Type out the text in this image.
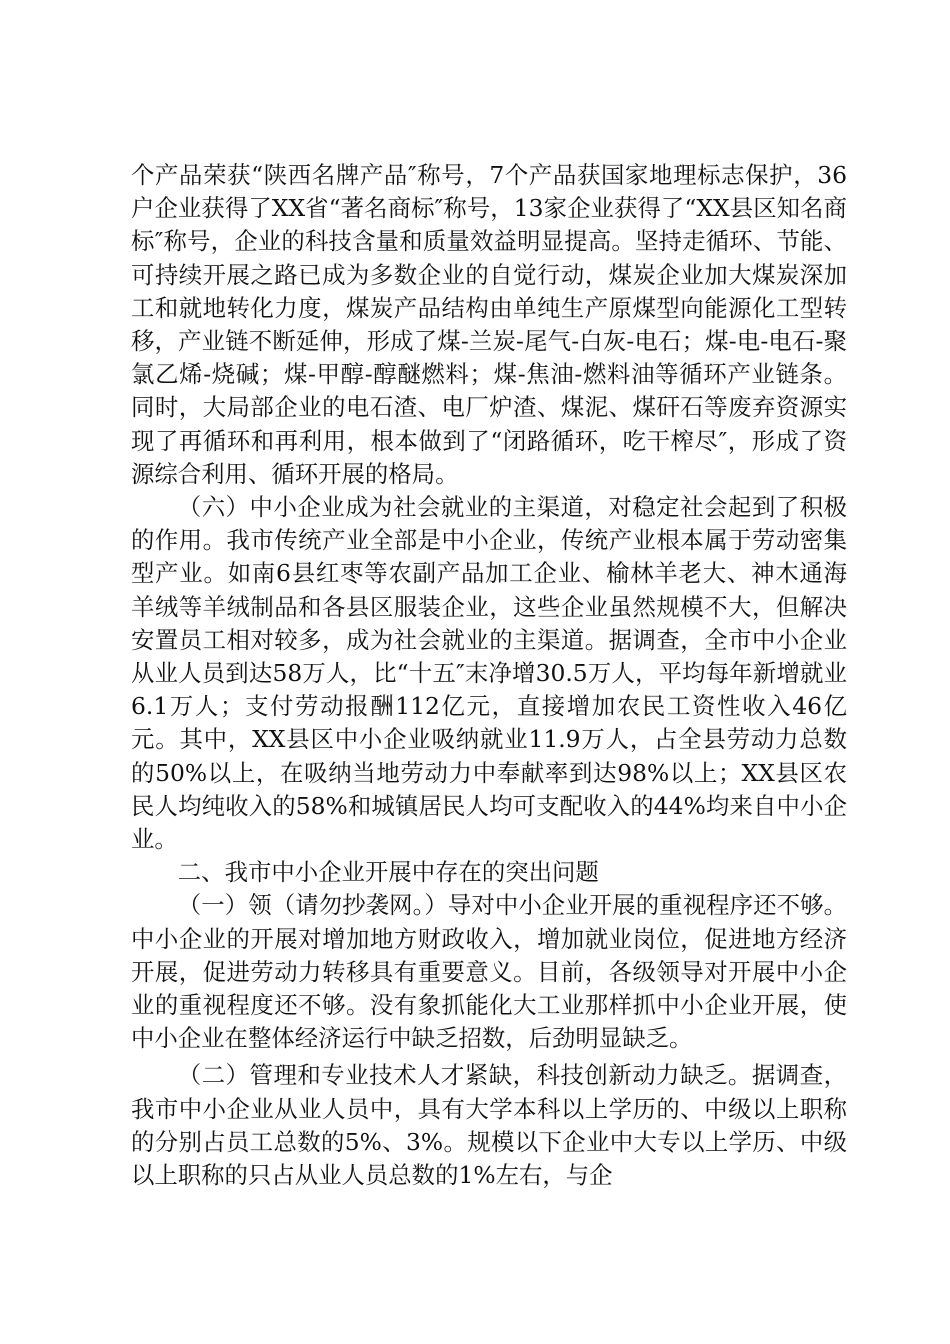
个产品荣获“陕西名牌产品″称号，7个产品获国家地理标志保护，36户企业获得了XX省“著名商标″称号，13家企业获得了“XX县区知名商标″称号，企业的科技含量和质量效益明显提高。坚持走循环、节能、可持续开展之路已成为多数企业的自觉行动，煤炭企业加大煤炭深加工和就地转化力度，煤炭产品结构由单纯生产原煤型向能源化工型转移，产业链不断延伸，形成了煤-兰炭-尾气-白灰-电石；煤-电-电石-聚氯乙烯-烧碱；煤-甲醇-醇醚燃料；煤-焦油-燃料油等循环产业链条。同时，大局部企业的电石渣、电厂炉渣、煤泥、煤矸石等废弃资源实现了再循环和再利用，根本做到了“闭路循环，吃干榨尽″，形成了资源综合利用、循环开展的格局。

（六）中小企业成为社会就业的主渠道，对稳定社会起到了积极的作用。我市传统产业全部是中小企业，传统产业根本属于劳动密集型产业。如南6县红枣等农副产品加工企业、榆林羊老大、神木通海羊绒等羊绒制品和各县区服装企业，这些企业虽然规模不大，但解决安置员工相对较多，成为社会就业的主渠道。据调查，全市中小企业从业人员到达58万人，比“十五″末净增30.5万人，平均每年新增就业6.1万人；支付劳动报酬112亿元，直接增加农民工资性收入46亿元。其中，XX县区中小企业吸纳就业11.9万人，占全县劳动力总数的50%以上，在吸纳当地劳动力中奉献率到达98%以上；XX县区农民人均纯收入的58%和城镇居民人均可支配收入的44%均来自中小企业。

二、我市中小企业开展中存在的突出问题

（一）领（请勿抄袭网。）导对中小企业开展的重视程序还不够。中小企业的开展对增加地方财政收入，增加就业岗位，促进地方经济开展，促进劳动力转移具有重要意义。目前，各级领导对开展中小企业的重视程度还不够。没有象抓能化大工业那样抓中小企业开展，使中小企业在整体经济运行中缺乏招数，后劲明显缺乏。

（二）管理和专业技术人才紧缺，科技创新动力缺乏。据调查，我市中小企业从业人员中，具有大学本科以上学历的、中级以上职称的分别占员工总数的5%、3%。规模以下企业中大专以上学历、中级以上职称的只占从业人员总数的1%左右，与企
